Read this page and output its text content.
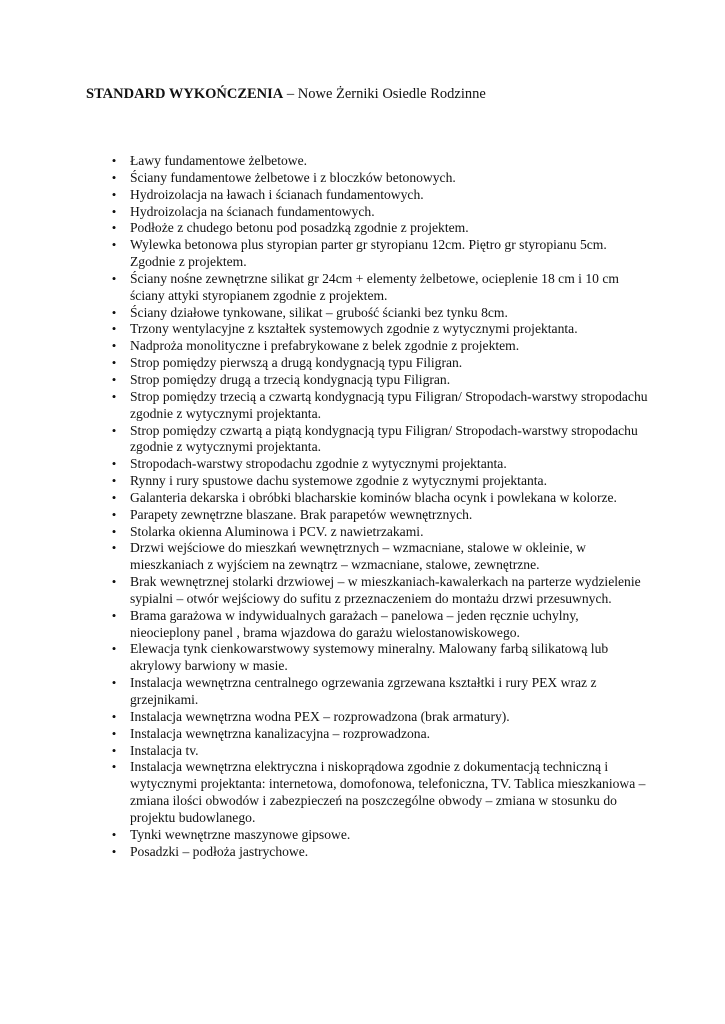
STANDARD WYKOŃCZENIA – Nowe Żerniki Osiedle Rodzinne
• Ławy fundamentowe żelbetowe.
• Ściany fundamentowe żelbetowe i z bloczków betonowych.
• Hydroizolacja na ławach i ścianach fundamentowych.
• Hydroizolacja na ścianach fundamentowych.
• Podłoże z chudego betonu pod posadzką zgodnie z projektem.
• Wylewka betonowa plus styropian parter gr styropianu 12cm. Piętro gr styropianu 5cm. Zgodnie z projektem.
• Ściany nośne zewnętrzne silikat gr 24cm + elementy żelbetowe, ocieplenie 18 cm i 10 cm ściany attyki styropianem zgodnie z projektem.
• Ściany działowe tynkowane, silikat – grubość ścianki bez tynku 8cm.
• Trzony wentylacyjne z kształtek systemowych zgodnie z wytycznymi projektanta.
• Nadproża monolityczne i prefabrykowane z belek zgodnie z projektem.
• Strop pomiędzy pierwszą a drugą kondygnacją typu Filigran.
• Strop pomiędzy drugą a trzecią kondygnacją typu Filigran.
• Strop pomiędzy trzecią a czwartą kondygnacją typu Filigran/ Stropodach-warstwy stropodachu zgodnie z wytycznymi projektanta.
• Strop pomiędzy czwartą a piątą kondygnacją typu Filigran/ Stropodach-warstwy stropodachu zgodnie z wytycznymi projektanta.
• Stropodach-warstwy stropodachu zgodnie z wytycznymi projektanta.
• Rynny i rury spustowe dachu systemowe zgodnie z wytycznymi projektanta.
• Galanteria dekarska i obróbki blacharskie kominów blacha ocynk i powlekana w kolorze.
• Parapety zewnętrzne blaszane. Brak parapetów wewnętrznych.
• Stolarka okienna Aluminowa i PCV. z nawietrzakami.
• Drzwi wejściowe do mieszkań wewnętrznych – wzmacniane, stalowe w okleinie, w mieszkaniach z wyjściem na zewnątrz – wzmacniane, stalowe, zewnętrzne.
• Brak wewnętrznej stolarki drzwiowej – w mieszkaniach-kawalerkach na parterze wydzielenie sypialni – otwór wejściowy do sufitu z przeznaczeniem do montażu drzwi przesuwnych.
• Brama garażowa w indywidualnych garażach – panelowa – jeden ręcznie uchylny, nieocieplony panel , brama wjazdowa do garażu wielostanowiskowego.
• Elewacja tynk cienkowarstwowy systemowy mineralny. Malowany farbą silikatową lub akrylowy barwiony w masie.
• Instalacja wewnętrzna centralnego ogrzewania zgrzewana kształtki i rury PEX wraz z grzejnikami.
• Instalacja wewnętrzna wodna PEX – rozprowadzona (brak armatury).
• Instalacja wewnętrzna kanalizacyjna – rozprowadzona.
• Instalacja tv.
• Instalacja wewnętrzna elektryczna i niskoprądowa zgodnie z dokumentacją techniczną i wytycznymi projektanta: internetowa, domofonowa, telefoniczna, TV. Tablica mieszkaniowa – zmiana ilości obwodów i zabezpieczeń na poszczególne obwody – zmiana w stosunku do projektu budowlanego.
• Tynki wewnętrzne maszynowe gipsowe.
• Posadzki – podłoża jastrychowe.
